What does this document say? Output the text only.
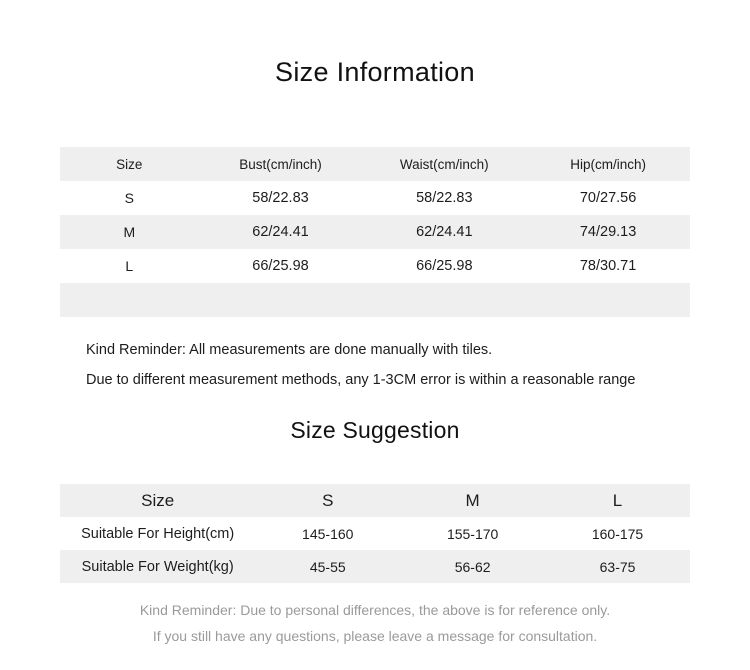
Size Information
Size	Bust(cm/inch)	Waist(cm/inch)	Hip(cm/inch)
S	58/22.83	58/22.83	70/27.56
M	62/24.41	62/24.41	74/29.13
L	66/25.98	66/25.98	78/30.71

Kind Reminder: All measurements are done manually with tiles.
Due to different measurement methods, any 1-3CM error is within a reasonable range
Size Suggestion
Size	S	M	L
Suitable For Height(cm)	145-160	155-170	160-175
Suitable For Weight(kg)	45-55	56-62	63-75
Kind Reminder: Due to personal differences, the above is for reference only.
If you still have any questions, please leave a message for consultation.
